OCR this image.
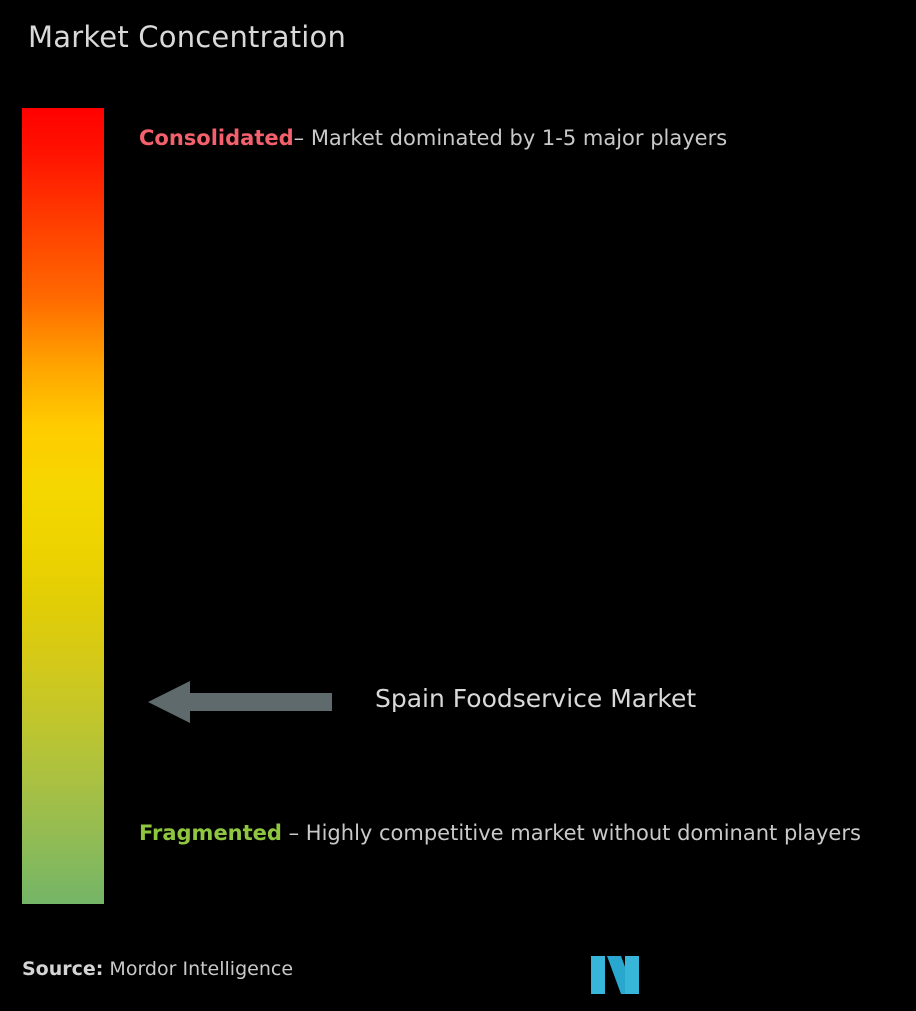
Market Concentration
Consolidated– Market dominated by 1-5 major players
Spain Foodservice Market
Fragmented – Highly competitive market without dominant players
Source: Mordor Intelligence
